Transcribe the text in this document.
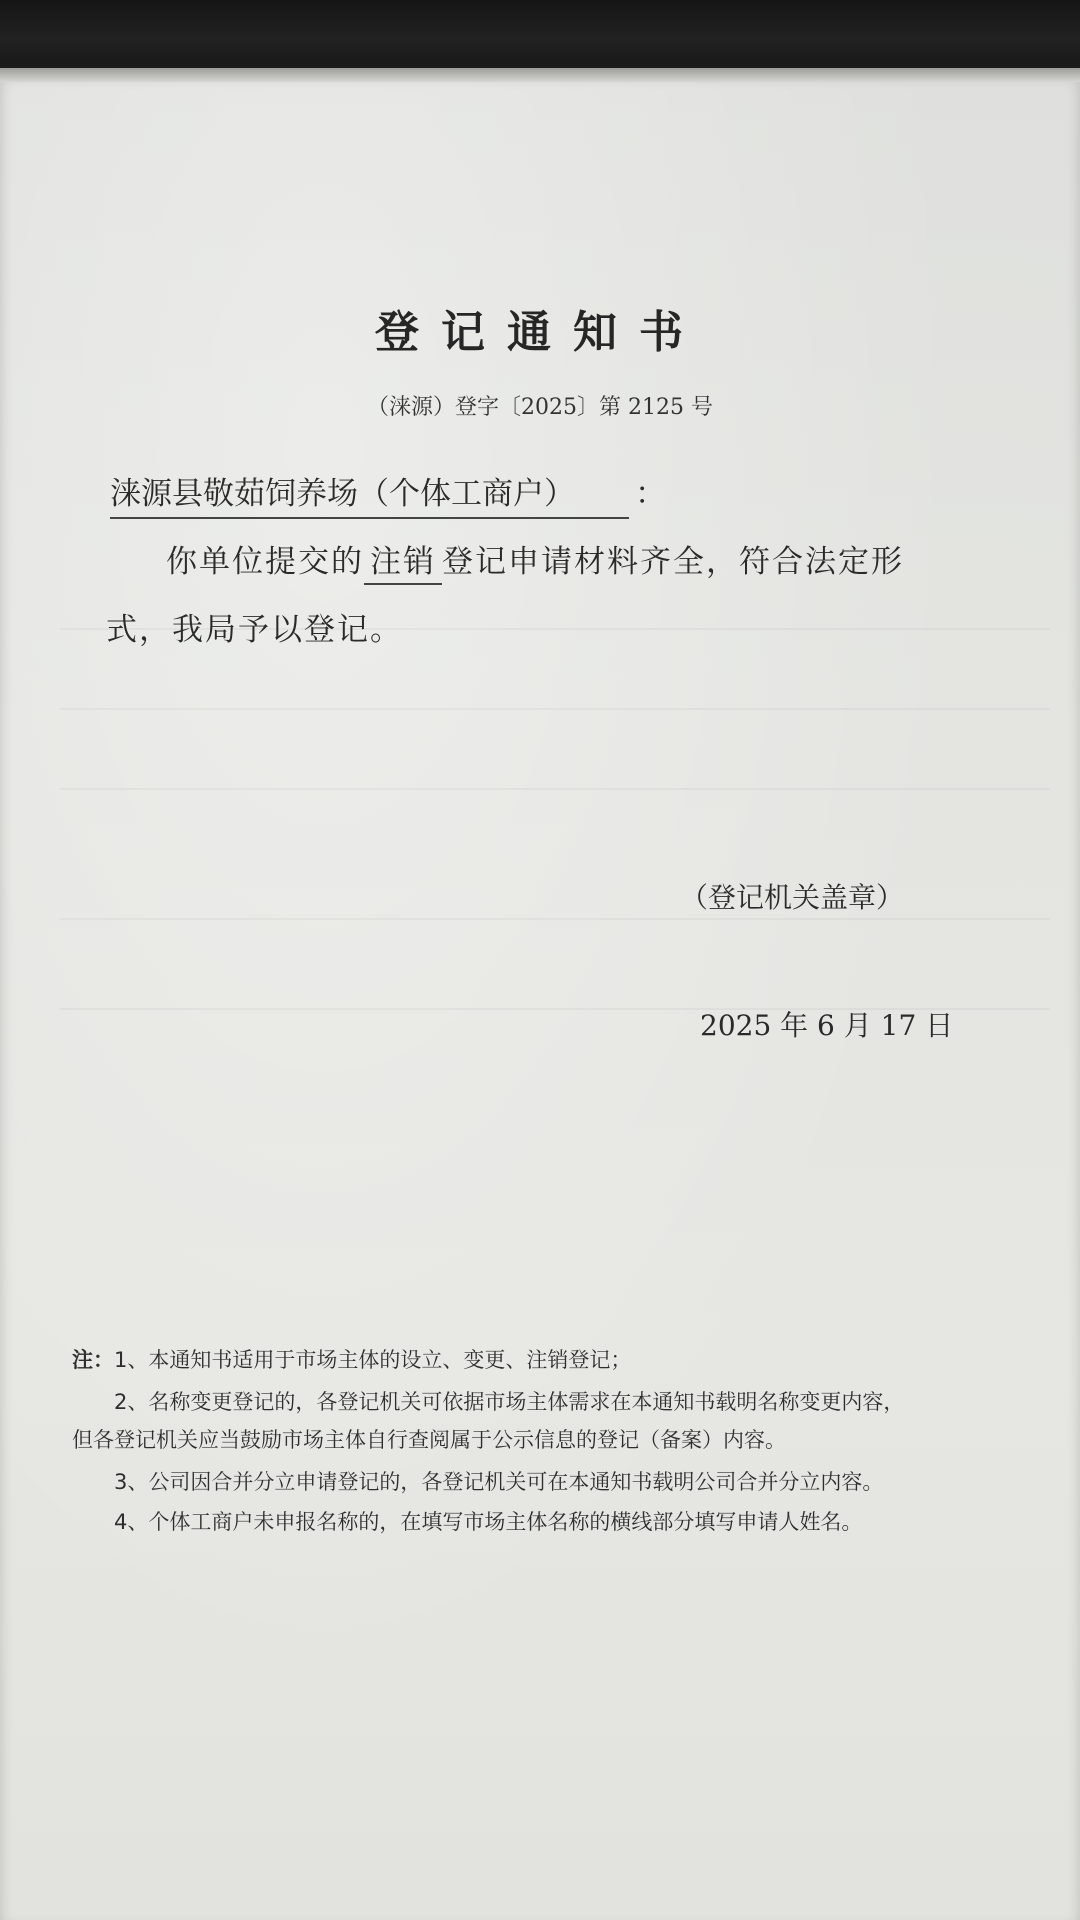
登记通知书
（涞源）登字〔2025〕第 2125 号
涞源县敬茹饲养场（个体工商户） ：
你单位提交的 注销 登记申请材料齐全，符合法定形
式，我局予以登记。
（登记机关盖章）
2025 年 6 月 17 日
注：1、本通知书适用于市场主体的设立、变更、注销登记；
2、名称变更登记的，各登记机关可依据市场主体需求在本通知书载明名称变更内容，
但各登记机关应当鼓励市场主体自行查阅属于公示信息的登记（备案）内容。
3、公司因合并分立申请登记的，各登记机关可在本通知书载明公司合并分立内容。
4、个体工商户未申报名称的，在填写市场主体名称的横线部分填写申请人姓名。
